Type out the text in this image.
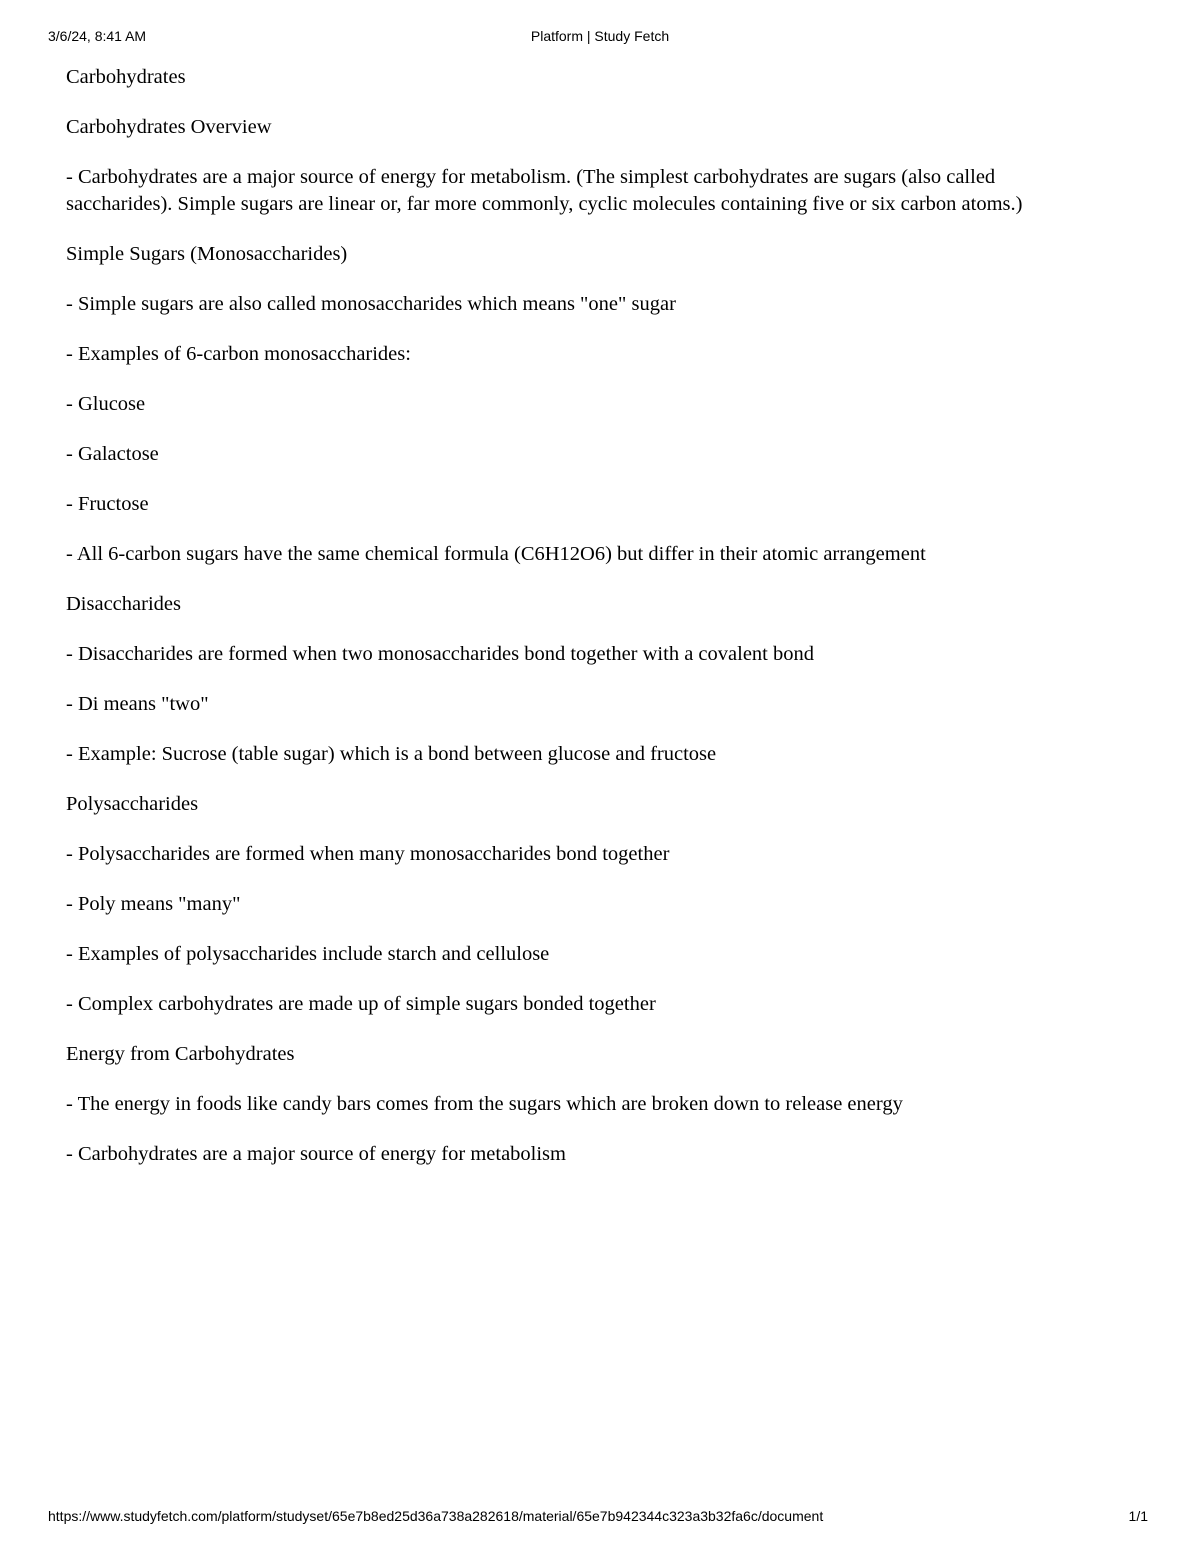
3/6/24, 8:41 AM	Platform | Study Fetch

Carbohydrates

Carbohydrates Overview

- Carbohydrates are a major source of energy for metabolism. (The simplest carbohydrates are sugars (also called saccharides). Simple sugars are linear or, far more commonly, cyclic molecules containing five or six carbon atoms.)

Simple Sugars (Monosaccharides)

- Simple sugars are also called monosaccharides which means "one" sugar

- Examples of 6-carbon monosaccharides:

- Glucose

- Galactose

- Fructose

- All 6-carbon sugars have the same chemical formula (C6H12O6) but differ in their atomic arrangement

Disaccharides

- Disaccharides are formed when two monosaccharides bond together with a covalent bond

- Di means "two"

- Example: Sucrose (table sugar) which is a bond between glucose and fructose

Polysaccharides

- Polysaccharides are formed when many monosaccharides bond together

- Poly means "many"

- Examples of polysaccharides include starch and cellulose

- Complex carbohydrates are made up of simple sugars bonded together

Energy from Carbohydrates

- The energy in foods like candy bars comes from the sugars which are broken down to release energy

- Carbohydrates are a major source of energy for metabolism

https://www.studyfetch.com/platform/studyset/65e7b8ed25d36a738a282618/material/65e7b942344c323a3b32fa6c/document	1/1
